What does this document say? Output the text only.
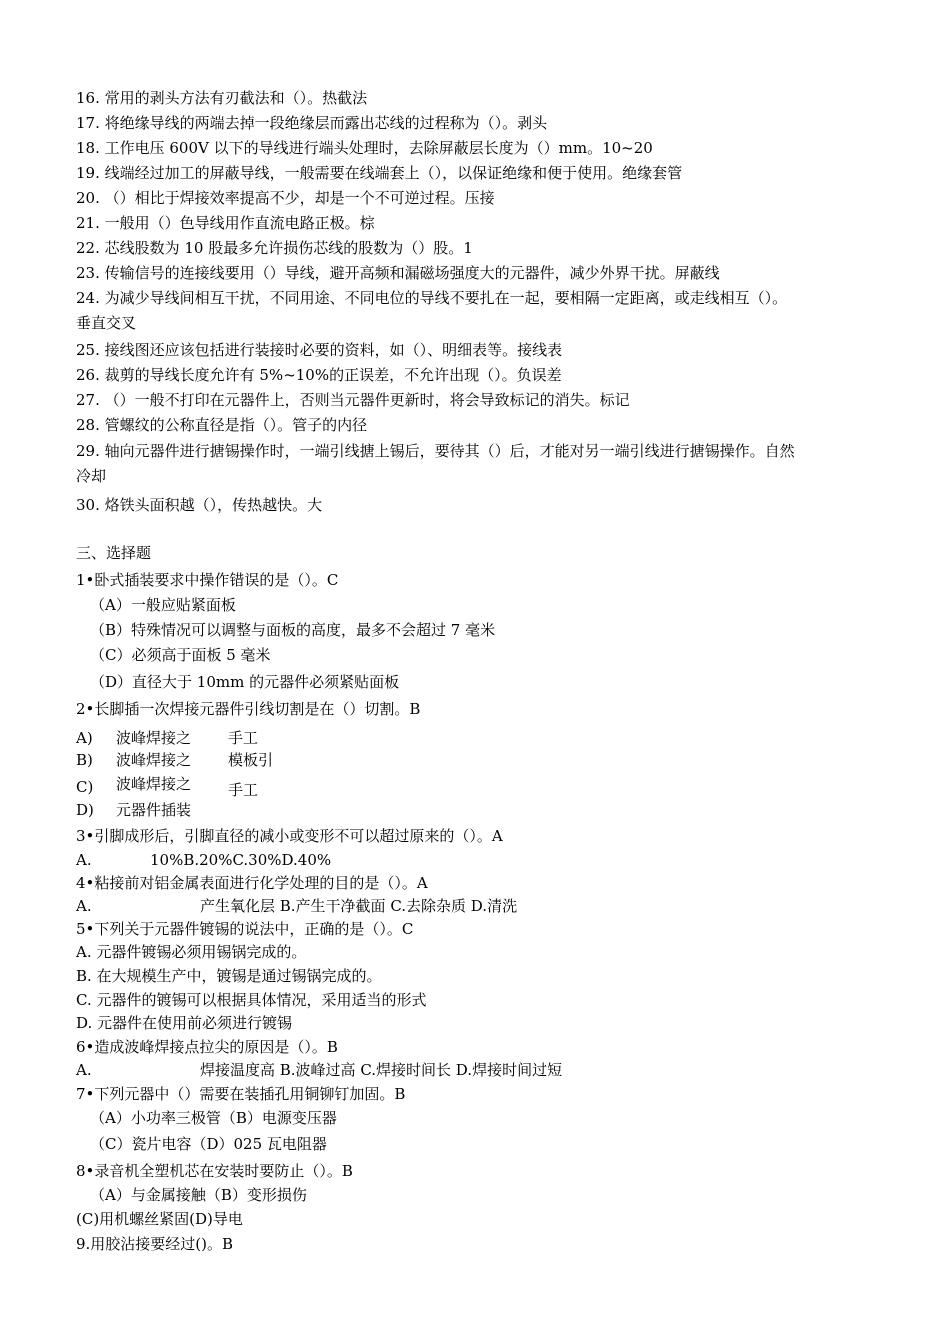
16. 常用的剥头方法有刃截法和（）。热截法
17. 将绝缘导线的两端去掉一段绝缘层而露出芯线的过程称为（）。剥头
18. 工作电压 600V 以下的导线进行端头处理时，去除屏蔽层长度为（）mm。10~20
19. 线端经过加工的屏蔽导线，一般需要在线端套上（），以保证绝缘和便于使用。绝缘套管
20. （）相比于焊接效率提高不少，却是一个不可逆过程。压接
21. 一般用（）色导线用作直流电路正极。棕
22. 芯线股数为 10 股最多允许损伤芯线的股数为（）股。1
23. 传输信号的连接线要用（）导线，避开高频和漏磁场强度大的元器件，减少外界干扰。屏蔽线
24. 为减少导线间相互干扰，不同用途、不同电位的导线不要扎在一起，要相隔一定距离，或走线相互（）。
垂直交叉
25. 接线图还应该包括进行装接时必要的资料，如（）、明细表等。接线表
26. 裁剪的导线长度允许有 5%~10%的正误差，不允许出现（）。负误差
27. （）一般不打印在元器件上，否则当元器件更新时，将会导致标记的消失。标记
28. 管螺纹的公称直径是指（）。管子的内径
29. 轴向元器件进行搪锡操作时，一端引线搪上锡后，要待其（）后，才能对另一端引线进行搪锡操作。自然
冷却
30. 烙铁头面积越（），传热越快。大
三、选择题
1•卧式插装要求中操作错误的是（）。C
（A）一般应贴紧面板
（B）特殊情况可以调整与面板的高度，最多不会超过 7 毫米
（C）必须高于面板 5 毫米
（D）直径大于 10mm 的元器件必须紧贴面板
2•长脚插一次焊接元器件引线切割是在（）切割。B
A) 波峰焊接之 手工
B) 波峰焊接之 模板引
C) 波峰焊接之 手工
D) 元器件插装
3•引脚成形后，引脚直径的减小或变形不可以超过原来的（）。A
A.	10%B.20%C.30%D.40%
4•粘接前对铝金属表面进行化学处理的目的是（）。A
A.	产生氧化层 B.产生干净截面 C.去除杂质 D.清洗
5•下列关于元器件镀锡的说法中，正确的是（）。C
A. 元器件镀锡必须用锡锅完成的。
B. 在大规模生产中，镀锡是通过锡锅完成的。
C. 元器件的镀锡可以根据具体情况，采用适当的形式
D. 元器件在使用前必须进行镀锡
6•造成波峰焊接点拉尖的原因是（）。B
A.	焊接温度高 B.波峰过高 C.焊接时间长 D.焊接时间过短
7•下列元器中（）需要在装插孔用铜铆钉加固。B
（A）小功率三极管（B）电源变压器
（C）瓷片电容（D）025 瓦电阻器
8•录音机全塑机芯在安装时要防止（）。B
（A）与金属接触（B）变形损伤
(C)用机螺丝紧固(D)导电
9.用胶沾接要经过()。B
